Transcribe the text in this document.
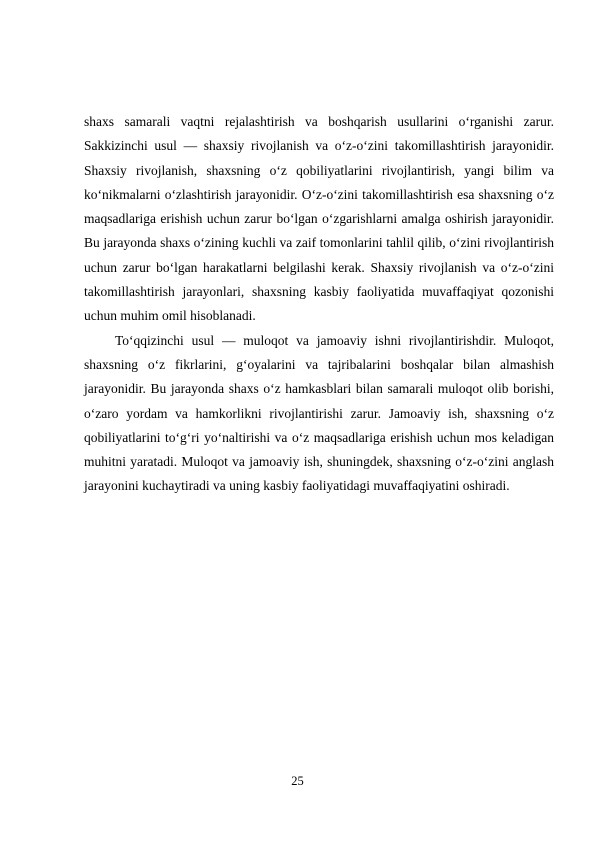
shaxs samarali vaqtni rejalashtirish va boshqarish usullarini o‘rganishi zarur. Sakkizinchi usul — shaxsiy rivojlanish va o‘z-o‘zini takomillashtirish jarayonidir. Shaxsiy rivojlanish, shaxsning o‘z qobiliyatlarini rivojlantirish, yangi bilim va ko‘nikmalarni o‘zlashtirish jarayonidir. O‘z-o‘zini takomillashtirish esa shaxsning o‘z maqsadlariga erishish uchun zarur bo‘lgan o‘zgarishlarni amalga oshirish jarayonidir. Bu jarayonda shaxs o‘zining kuchli va zaif tomonlarini tahlil qilib, o‘zini rivojlantirish uchun zarur bo‘lgan harakatlarni belgilashi kerak. Shaxsiy rivojlanish va o‘z-o‘zini takomillashtirish jarayonlari, shaxsning kasbiy faoliyatida muvaffaqiyat qozonishi uchun muhim omil hisoblanadi.

To‘qqizinchi usul — muloqot va jamoaviy ishni rivojlantirishdir. Muloqot, shaxsning o‘z fikrlarini, g‘oyalarini va tajribalarini boshqalar bilan almashish jarayonidir. Bu jarayonda shaxs o‘z hamkasblari bilan samarali muloqot olib borishi, o‘zaro yordam va hamkorlikni rivojlantirishi zarur. Jamoaviy ish, shaxsning o‘z qobiliyatlarini to‘g‘ri yo‘naltirishi va o‘z maqsadlariga erishish uchun mos keladigan muhitni yaratadi. Muloqot va jamoaviy ish, shuningdek, shaxsning o‘z-o‘zini anglash jarayonini kuchaytiradi va uning kasbiy faoliyatidagi muvaffaqiyatini oshiradi.

25
